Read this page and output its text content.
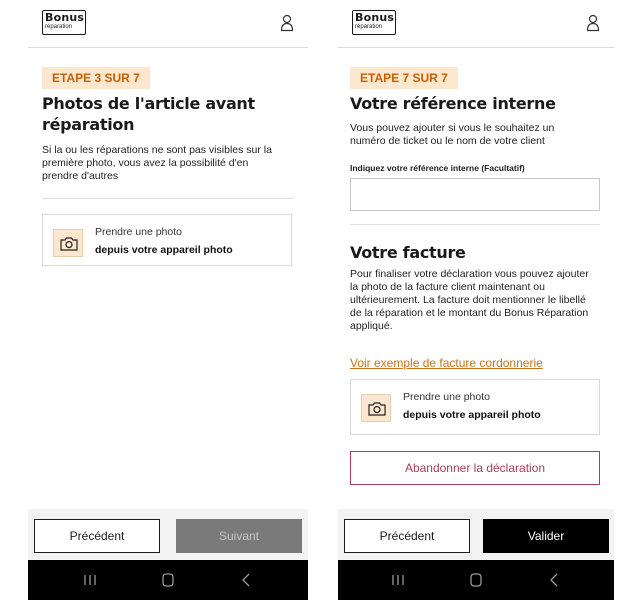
Bonus
réparation
ETAPE 3 SUR 7
Photos de l'article avant
réparation
Si la ou les réparations ne sont pas visibles sur la
première photo, vous avez la possibilité d'en
prendre d'autres
Prendre une photo
depuis votre appareil photo
Précédent	Suivant
Bonus
réparation
ETAPE 7 SUR 7
Votre référence interne
Vous pouvez ajouter si vous le souhaitez un
numéro de ticket ou le nom de votre client
Indiquez votre référence interne (Facultatif)
Votre facture
Pour finaliser votre déclaration vous pouvez ajouter
la photo de la facture client maintenant ou
ultérieurement. La facture doit mentionner le libellé
de la réparation et le montant du Bonus Réparation
appliqué.
Voir exemple de facture cordonnerie
Prendre une photo
depuis votre appareil photo
Abandonner la déclaration
Précédent	Valider
